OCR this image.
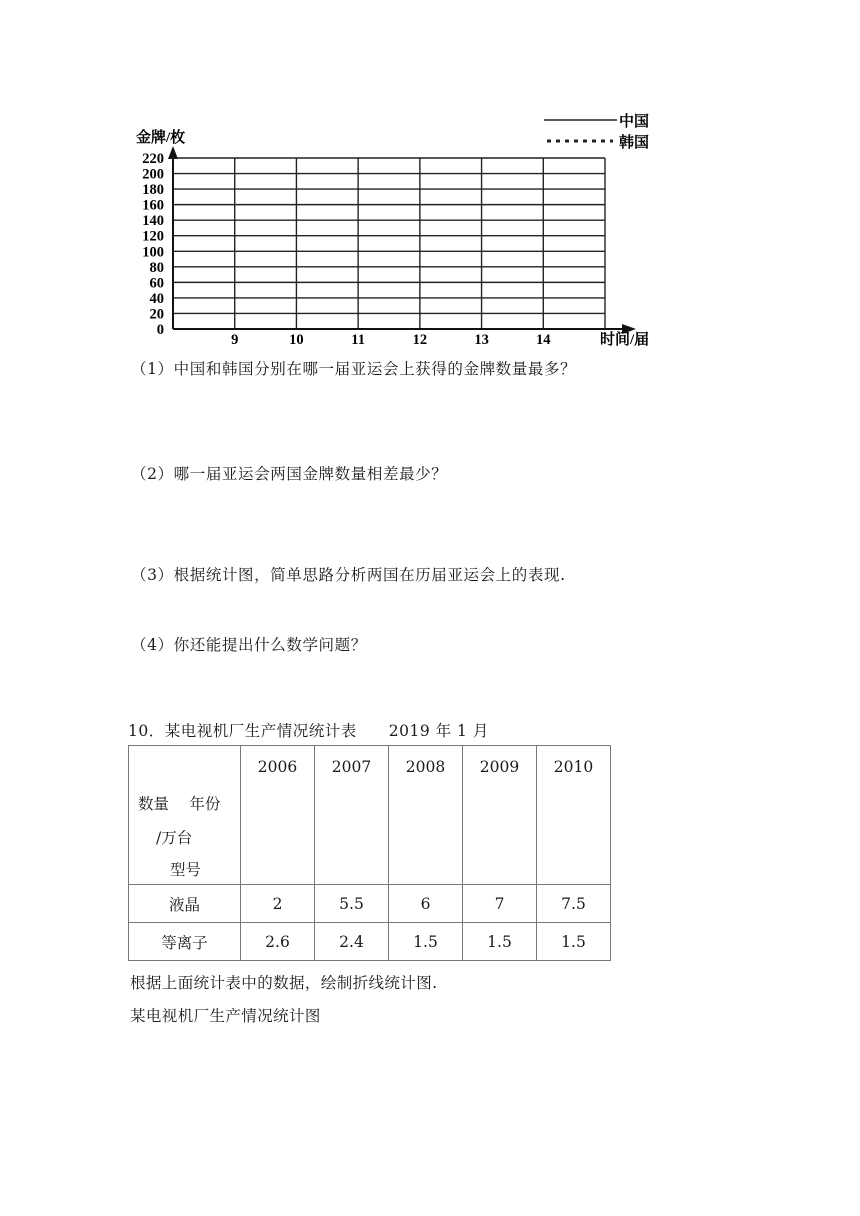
0
20
40
60
80
100
120
140
160
180
200
220
9	10	11	12	13	14
金牌/枚
时间/届
中国
韩国
（1）中国和韩国分别在哪一届亚运会上获得的金牌数量最多？
（2）哪一届亚运会两国金牌数量相差最少？
（3）根据统计图，简单思路分析两国在历届亚运会上的表现.
（4）你还能提出什么数学问题？
10．某电视机厂生产情况统计表 2019 年 1 月
数量　 年份
/万台
型号	2006	2007	2008	2009	2010

液晶	2	5.5	6	7	7.5
等离子	2.6	2.4	1.5	1.5	1.5
根据上面统计表中的数据，绘制折线统计图.
某电视机厂生产情况统计图
